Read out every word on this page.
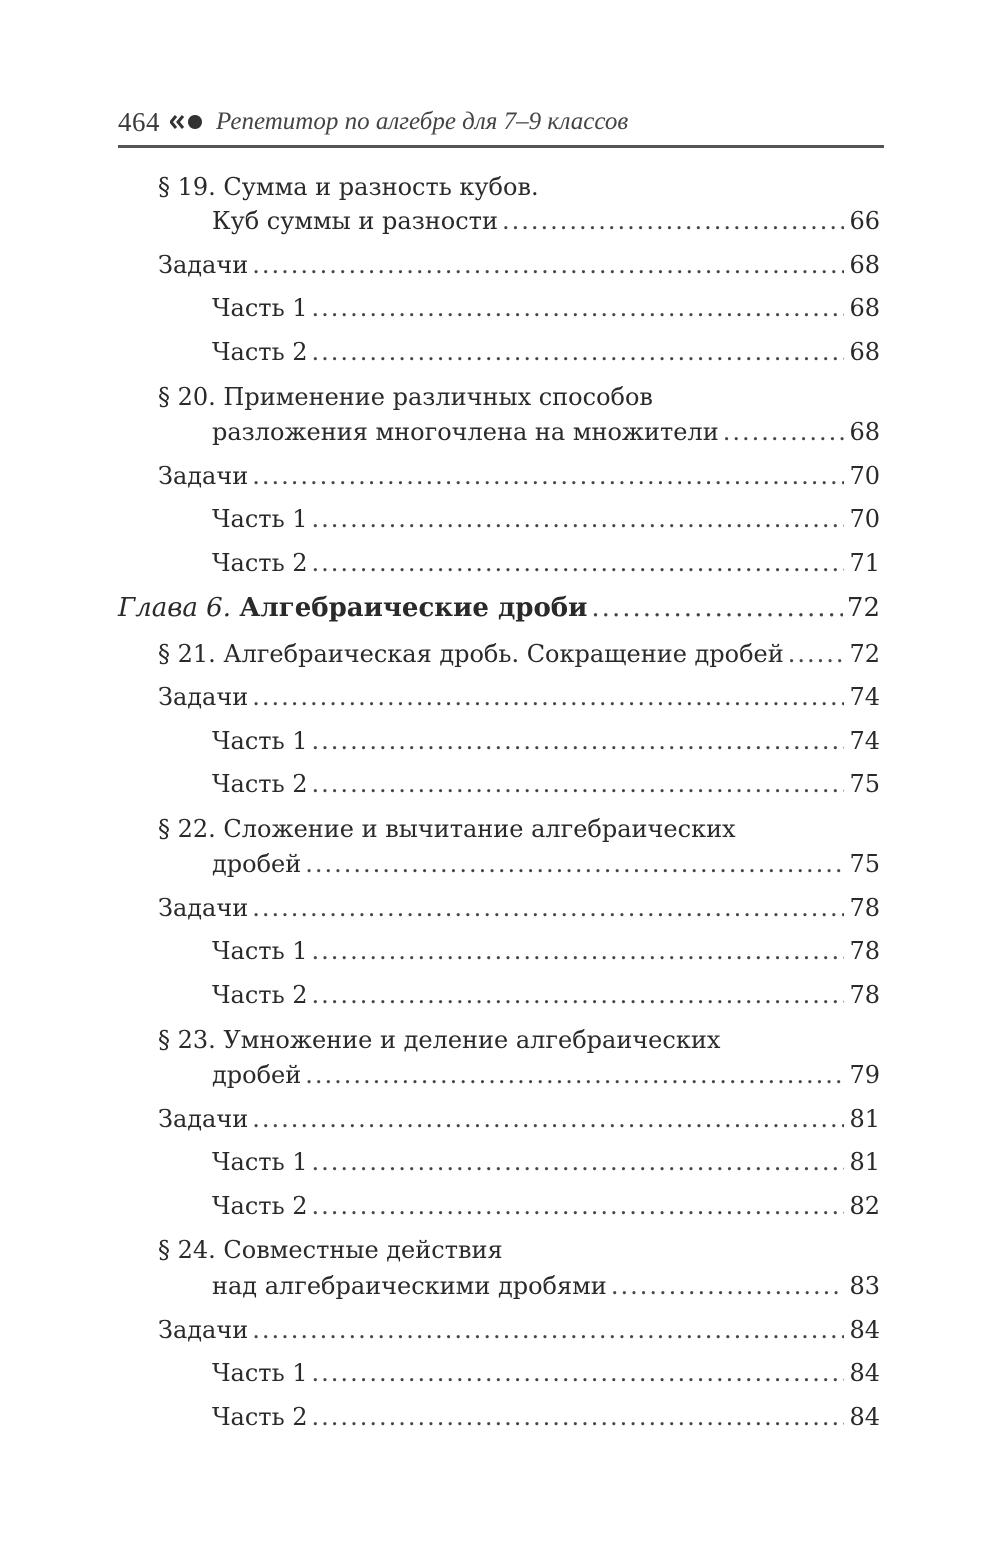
464 Репетитор по алгебре для 7–9 классов
§ 19. Сумма и разность кубов.
Куб суммы и разности .....	66
Задачи .....	68
Часть 1 .....	68
Часть 2 .....	68
§ 20. Применение различных способов
разложения многочлена на множители .....	68
Задачи .....	70
Часть 1 .....	70
Часть 2 .....	71
Глава 6. Алгебраические дроби .....	72
§ 21. Алгебраическая дробь. Сокращение дробей .....	72
Задачи .....	74
Часть 1 .....	74
Часть 2 .....	75
§ 22. Сложение и вычитание алгебраических
дробей .....	75
Задачи .....	78
Часть 1 .....	78
Часть 2 .....	78
§ 23. Умножение и деление алгебраических
дробей .....	79
Задачи .....	81
Часть 1 .....	81
Часть 2 .....	82
§ 24. Совместные действия
над алгебраическими дробями .....	83
Задачи .....	84
Часть 1 .....	84
Часть 2 .....	84
